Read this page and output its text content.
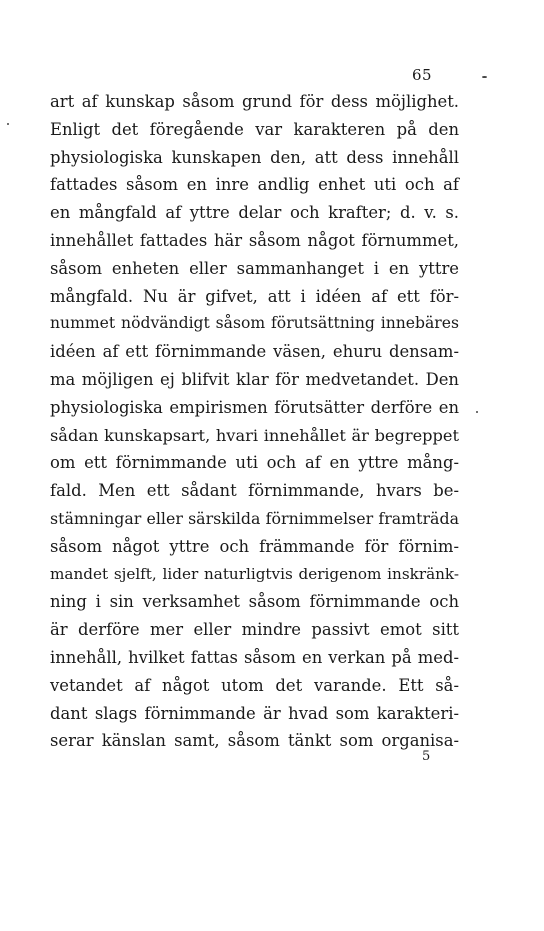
65
art af kunskap såsom grund för dess möjlighet.
Enligt det föregående var karakteren på den
physiologiska kunskapen den, att dess innehåll
fattades såsom en inre andlig enhet uti och af
en mångfald af yttre delar och krafter; d. v. s.
innehållet fattades här såsom något förnummet,
såsom enheten eller sammanhanget i en yttre
mångfald. Nu är gifvet, att i idéen af ett för-
nummet nödvändigt såsom förutsättning innebäres
idéen af ett förnimmande väsen, ehuru densam-
ma möjligen ej blifvit klar för medvetandet. Den
physiologiska empirismen förutsätter derföre en
sådan kunskapsart, hvari innehållet är begreppet
om ett förnimmande uti och af en yttre mång-
fald. Men ett sådant förnimmande, hvars be-
stämningar eller särskilda förnimmelser framträda
såsom något yttre och främmande för förnim-
mandet sjelft, lider naturligtvis derigenom inskränk-
ning i sin verksamhet såsom förnimmande och
är derföre mer eller mindre passivt emot sitt
innehåll, hvilket fattas såsom en verkan på med-
vetandet af något utom det varande. Ett så-
dant slags förnimmande är hvad som karakteri-
serar känslan samt, såsom tänkt som organisa-
5
